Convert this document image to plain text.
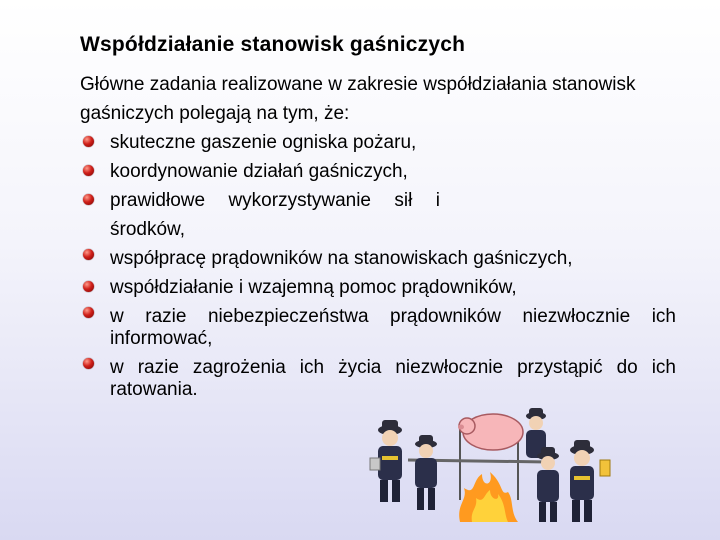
Współdziałanie stanowisk gaśniczych
Główne zadania realizowane w zakresie współdziałania stanowisk gaśniczych polegają na tym, że:
skuteczne gaszenie ogniska pożaru,
koordynowanie działań gaśniczych,
prawidłowe wykorzystywanie sił i środków,
współpracę prądowników na stanowiskach gaśniczych,
współdziałanie i wzajemną pomoc prądowników,
w razie niebezpieczeństwa prądowników niezwłocznie ich informować,
w razie zagrożenia ich życia niezwłocznie przystąpić do ich ratowania.
